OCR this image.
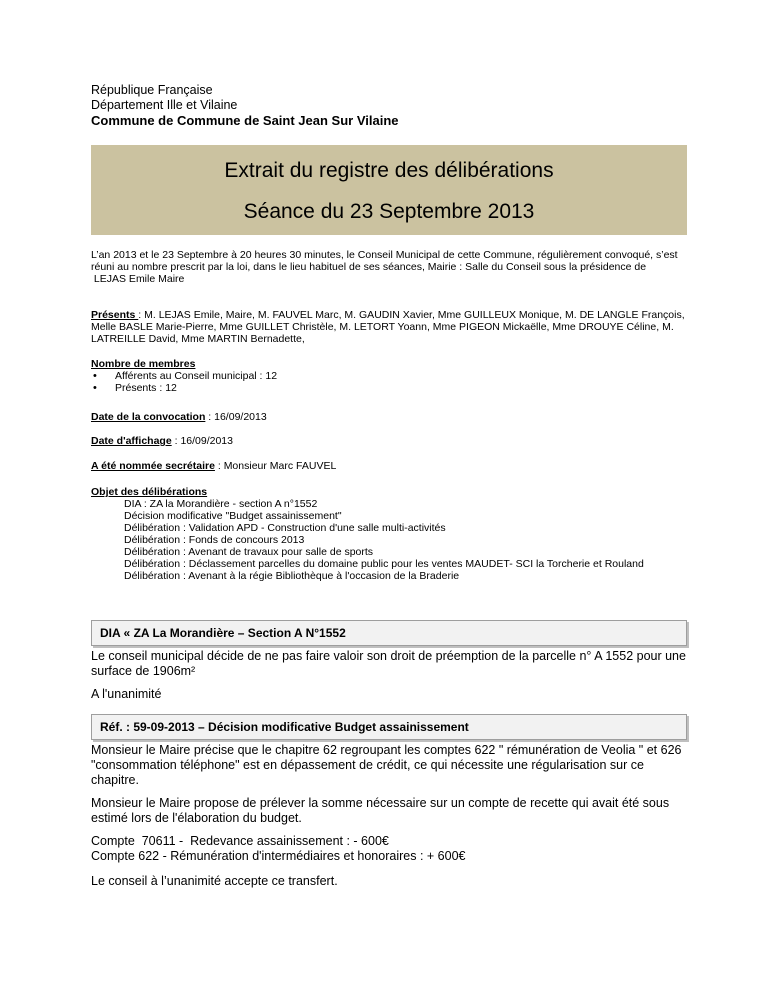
République Française
Département Ille et Vilaine
Commune de Commune de Saint Jean Sur Vilaine
Extrait du registre des délibérations
Séance du 23 Septembre 2013
L’an 2013 et le 23 Septembre à 20 heures 30 minutes, le Conseil Municipal de cette Commune, régulièrement convoqué, s’est réuni au nombre prescrit par la loi, dans le lieu habituel de ses séances, Mairie : Salle du Conseil sous la présidence de
LEJAS Emile Maire
Présents : M. LEJAS Emile, Maire, M. FAUVEL Marc, M. GAUDIN Xavier, Mme GUILLEUX Monique, M. DE LANGLE François, Melle BASLE Marie-Pierre, Mme GUILLET Christèle, M. LETORT Yoann, Mme PIGEON Mickaëlle, Mme DROUYE Céline, M. LATREILLE David, Mme MARTIN Bernadette,
Nombre de membres
• Afférents au Conseil municipal : 12
• Présents : 12
Date de la convocation : 16/09/2013
Date d'affichage : 16/09/2013
A été nommée secrétaire : Monsieur Marc FAUVEL
Objet des délibérations
DIA : ZA la Morandière - section A n°1552
Décision modificative "Budget assainissement"
Délibération : Validation APD - Construction d'une salle multi-activités
Délibération : Fonds de concours 2013
Délibération : Avenant de travaux pour salle de sports
Délibération : Déclassement parcelles du domaine public pour les ventes MAUDET- SCI la Torcherie et Rouland
Délibération : Avenant à la régie Bibliothèque à l'occasion de la Braderie
DIA « ZA La Morandière – Section A N°1552
Le conseil municipal décide de ne pas faire valoir son droit de préemption de la parcelle n° A 1552 pour une surface de 1906m²
A l'unanimité
Réf. : 59-09-2013 – Décision modificative Budget assainissement
Monsieur le Maire précise que le chapitre 62 regroupant les comptes 622 " rémunération de Veolia " et 626 "consommation téléphone" est en dépassement de crédit, ce qui nécessite une régularisation sur ce chapitre.
Monsieur le Maire propose de prélever la somme nécessaire sur un compte de recette qui avait été sous estimé lors de l'élaboration du budget.
Compte  70611 -  Redevance assainissement : - 600€
Compte 622 - Rémunération d'intermédiaires et honoraires : + 600€
Le conseil à l’unanimité accepte ce transfert.
